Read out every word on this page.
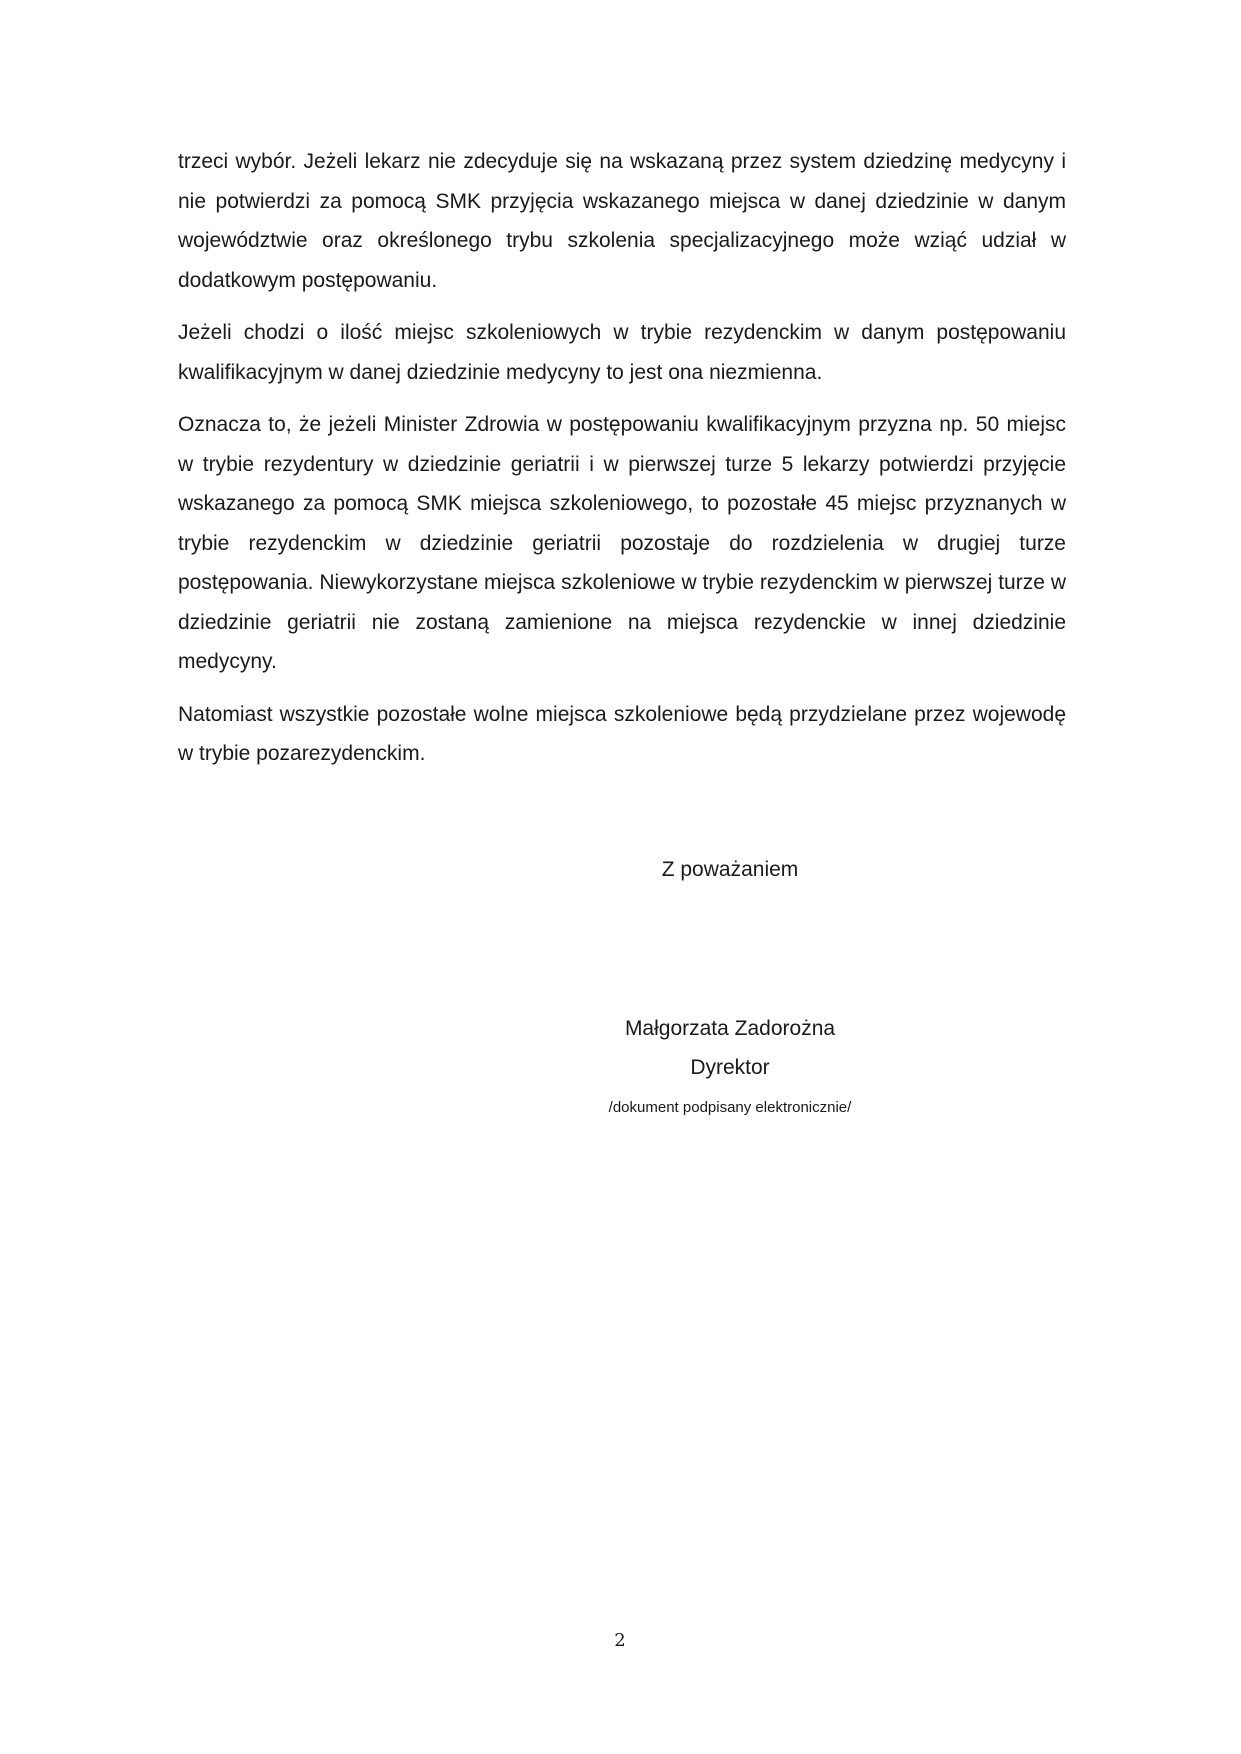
trzeci wybór. Jeżeli lekarz nie zdecyduje się na wskazaną przez system dziedzinę medycyny i nie potwierdzi za pomocą SMK przyjęcia wskazanego miejsca w danej dziedzinie w danym województwie oraz określonego trybu szkolenia specjalizacyjnego może wziąć udział w dodatkowym postępowaniu.

Jeżeli chodzi o ilość miejsc szkoleniowych w trybie rezydenckim w danym postępowaniu kwalifikacyjnym w danej dziedzinie medycyny to jest ona niezmienna.

Oznacza to, że jeżeli Minister Zdrowia w postępowaniu kwalifikacyjnym przyzna np. 50 miejsc w trybie rezydentury w dziedzinie geriatrii i w pierwszej turze 5 lekarzy potwierdzi przyjęcie wskazanego za pomocą SMK miejsca szkoleniowego, to pozostałe 45 miejsc przyznanych w trybie rezydenckim w dziedzinie geriatrii pozostaje do rozdzielenia w drugiej turze postępowania. Niewykorzystane miejsca szkoleniowe w trybie rezydenckim w pierwszej turze w dziedzinie geriatrii nie zostaną zamienione na miejsca rezydenckie w innej dziedzinie medycyny.

Natomiast wszystkie pozostałe wolne miejsca szkoleniowe będą przydzielane przez wojewodę w trybie pozarezydenckim.

Z poważaniem

Małgorzata Zadorożna

Dyrektor

/dokument podpisany elektronicznie/

2
